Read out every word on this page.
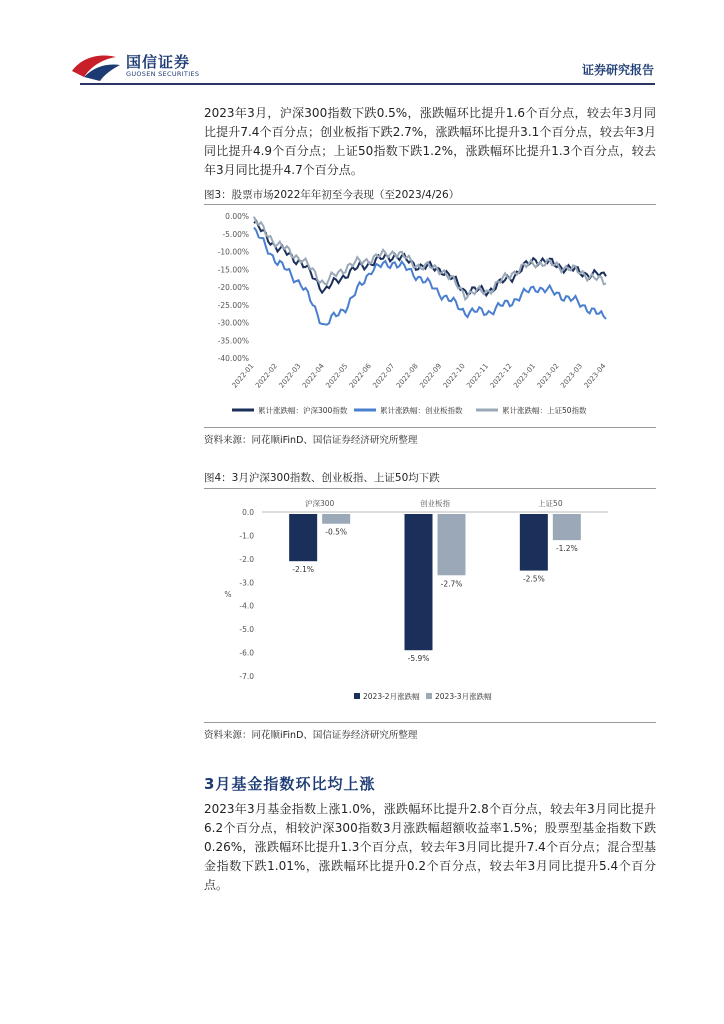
国信证券
GUOSEN SECURITIES	证券研究报告
2023年3月，沪深300指数下跌0.5%，涨跌幅环比提升1.6个百分点，较去年3月同比提升7.4个百分点；创业板指下跌2.7%，涨跌幅环比提升3.1个百分点，较去年3月同比提升4.9个百分点；上证50指数下跌1.2%，涨跌幅环比提升1.3个百分点，较去年3月同比提升4.7个百分点。
图3：股票市场2022年年初至今表现（至2023/4/26）
0.00%
-5.00%
-10.00%
-15.00%
-20.00%
-25.00%
-30.00%
-35.00%
-40.00%
2022-01
2022-02
2022-03
2022-04
2022-05
2022-06
2022-07
2022-08
2022-09
2022-10
2022-11
2022-12
2023-01
2023-02
2023-03
2023-04
累计涨跌幅：沪深300指数	累计涨跌幅：创业板指数	累计涨跌幅：上证50指数
资料来源：同花顺iFinD、国信证券经济研究所整理
图4：3月沪深300指数、创业板指、上证50均下跌
0.0
-1.0
-2.0
-3.0
-4.0
-5.0
-6.0
-7.0
%
沪深300
-2.1%
-0.5%
创业板指
-5.9%
-2.7%
上证50
-2.5%
-1.2%
2023-2月涨跌幅 2023-3月涨跌幅
资料来源：同花顺iFinD、国信证券经济研究所整理
3月基金指数环比均上涨
2023年3月基金指数上涨1.0%，涨跌幅环比提升2.8个百分点，较去年3月同比提升6.2个百分点，相较沪深300指数3月涨跌幅超额收益率1.5%；股票型基金指数下跌0.26%，涨跌幅环比提升1.3个百分点，较去年3月同比提升7.4个百分点；混合型基金指数下跌1.01%，涨跌幅环比提升0.2个百分点，较去年3月同比提升5.4个百分点。
